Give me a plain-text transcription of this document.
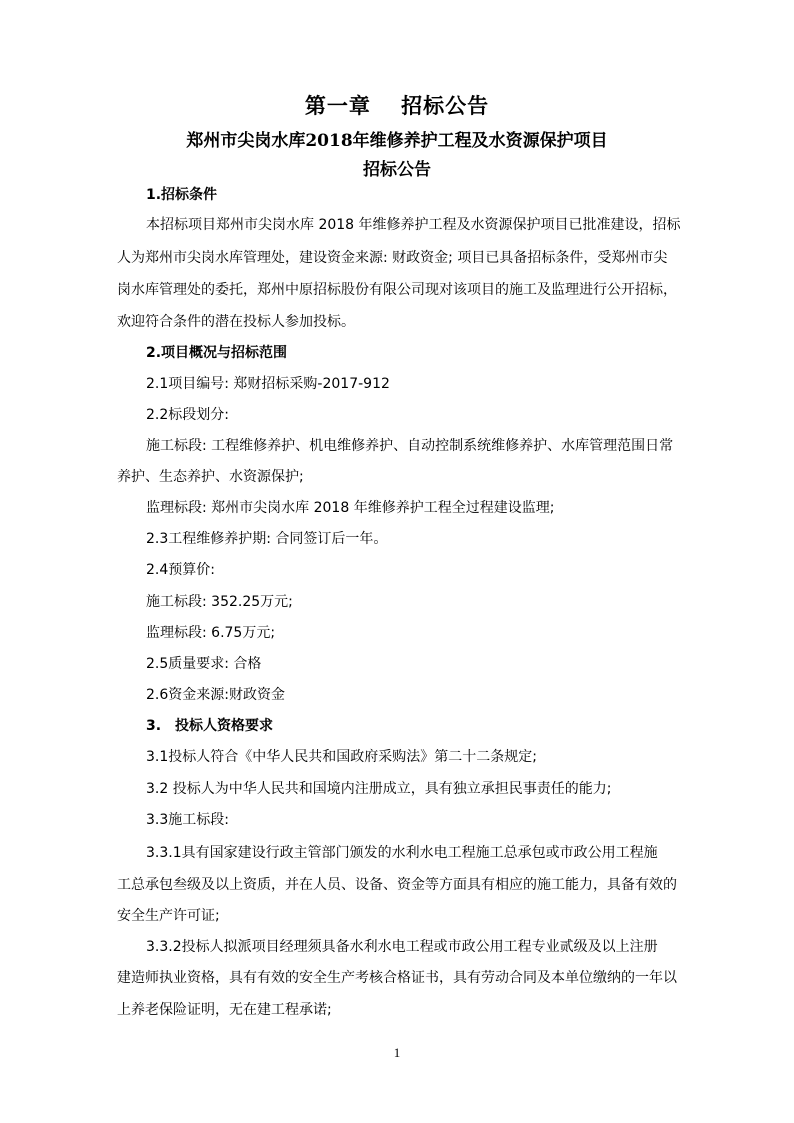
第一章　 招标公告
郑州市尖岗水库2018年维修养护工程及水资源保护项目
招标公告
1.招标条件
本招标项目郑州市尖岗水库 2018 年维修养护工程及水资源保护项目已批准建设，招标
人为郑州市尖岗水库管理处，建设资金来源: 财政资金; 项目已具备招标条件，受郑州市尖
岗水库管理处的委托，郑州中原招标股份有限公司现对该项目的施工及监理进行公开招标，
欢迎符合条件的潜在投标人参加投标。
2.项目概况与招标范围
2.1项目编号: 郑财招标采购-2017-912
2.2标段划分:
施工标段: 工程维修养护、机电维修养护、自动控制系统维修养护、水库管理范围日常
养护、生态养护、水资源保护;
监理标段: 郑州市尖岗水库 2018 年维修养护工程全过程建设监理;
2.3工程维修养护期: 合同签订后一年。
2.4预算价:
施工标段: 352.25万元;
监理标段: 6.75万元;
2.5质量要求: 合格
2.6资金来源:财政资金
3.　投标人资格要求
3.1投标人符合《中华人民共和国政府采购法》第二十二条规定;
3.2 投标人为中华人民共和国境内注册成立，具有独立承担民事责任的能力;
3.3施工标段:
3.3.1具有国家建设行政主管部门颁发的水利水电工程施工总承包或市政公用工程施
工总承包叁级及以上资质，并在人员、设备、资金等方面具有相应的施工能力，具备有效的
安全生产许可证;
3.3.2投标人拟派项目经理须具备水利水电工程或市政公用工程专业贰级及以上注册
建造师执业资格，具有有效的安全生产考核合格证书，具有劳动合同及本单位缴纳的一年以
上养老保险证明，无在建工程承诺;
1
